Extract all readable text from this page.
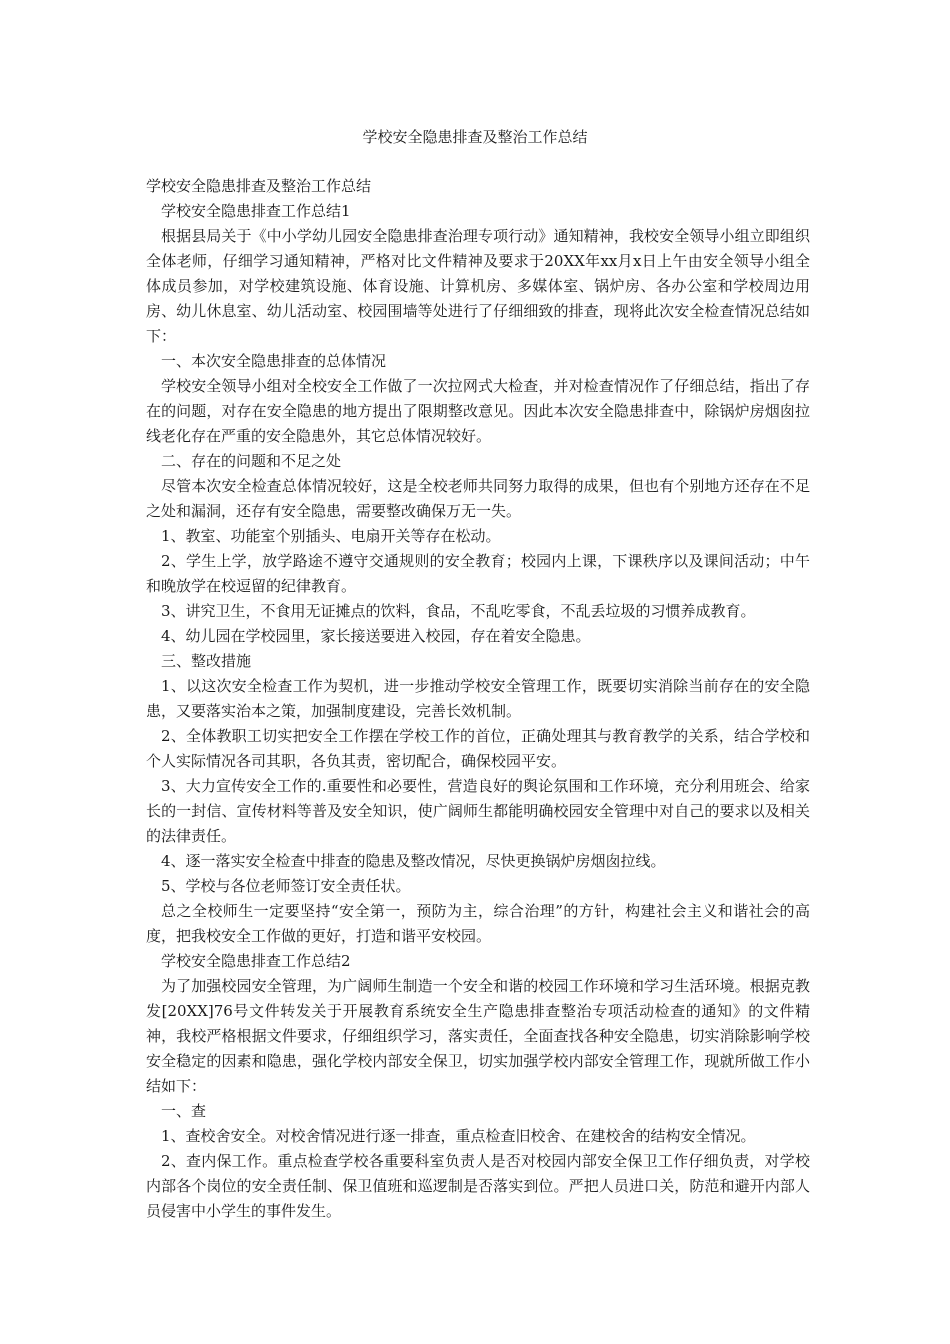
学校安全隐患排查及整治工作总结

学校安全隐患排查及整治工作总结

学校安全隐患排查工作总结1

根据县局关于《中小学幼儿园安全隐患排查治理专项行动》通知精神，我校安全领导小组立即组织全体老师，仔细学习通知精神，严格对比文件精神及要求于20XX年xx月x日上午由安全领导小组全体成员参加，对学校建筑设施、体育设施、计算机房、多媒体室、锅炉房、各办公室和学校周边用房、幼儿休息室、幼儿活动室、校园围墙等处进行了仔细细致的排查，现将此次安全检查情况总结如下：

一、本次安全隐患排查的总体情况

学校安全领导小组对全校安全工作做了一次拉网式大检查，并对检查情况作了仔细总结，指出了存在的问题，对存在安全隐患的地方提出了限期整改意见。因此本次安全隐患排查中，除锅炉房烟囱拉线老化存在严重的安全隐患外，其它总体情况较好。

二、存在的问题和不足之处

尽管本次安全检查总体情况较好，这是全校老师共同努力取得的成果，但也有个别地方还存在不足之处和漏洞，还存有安全隐患，需要整改确保万无一失。

1、教室、功能室个别插头、电扇开关等存在松动。

2、学生上学，放学路途不遵守交通规则的安全教育；校园内上课，下课秩序以及课间活动；中午和晚放学在校逗留的纪律教育。

3、讲究卫生，不食用无证摊点的饮料，食品，不乱吃零食，不乱丢垃圾的习惯养成教育。

4、幼儿园在学校园里，家长接送要进入校园，存在着安全隐患。

三、整改措施

1、以这次安全检查工作为契机，进一步推动学校安全管理工作，既要切实消除当前存在的安全隐患，又要落实治本之策，加强制度建设，完善长效机制。

2、全体教职工切实把安全工作摆在学校工作的首位，正确处理其与教育教学的关系，结合学校和个人实际情况各司其职，各负其责，密切配合，确保校园平安。

3、大力宣传安全工作的.重要性和必要性，营造良好的舆论氛围和工作环境，充分利用班会、给家长的一封信、宣传材料等普及安全知识，使广阔师生都能明确校园安全管理中对自己的要求以及相关的法律责任。

4、逐一落实安全检查中排查的隐患及整改情况，尽快更换锅炉房烟囱拉线。

5、学校与各位老师签订安全责任状。

总之全校师生一定要坚持“安全第一，预防为主，综合治理”的方针，构建社会主义和谐社会的高度，把我校安全工作做的更好，打造和谐平安校园。

学校安全隐患排查工作总结2

为了加强校园安全管理，为广阔师生制造一个安全和谐的校园工作环境和学习生活环境。根据克教发[20XX]76号文件转发关于开展教育系统安全生产隐患排查整治专项活动检查的通知》的文件精神，我校严格根据文件要求，仔细组织学习，落实责任，全面查找各种安全隐患，切实消除影响学校安全稳定的因素和隐患，强化学校内部安全保卫，切实加强学校内部安全管理工作，现就所做工作小结如下：

一、查

1、查校舍安全。对校舍情况进行逐一排查，重点检查旧校舍、在建校舍的结构安全情况。

2、查内保工作。重点检查学校各重要科室负责人是否对校园内部安全保卫工作仔细负责，对学校内部各个岗位的安全责任制、保卫值班和巡逻制是否落实到位。严把人员进口关，防范和避开内部人员侵害中小学生的事件发生。
